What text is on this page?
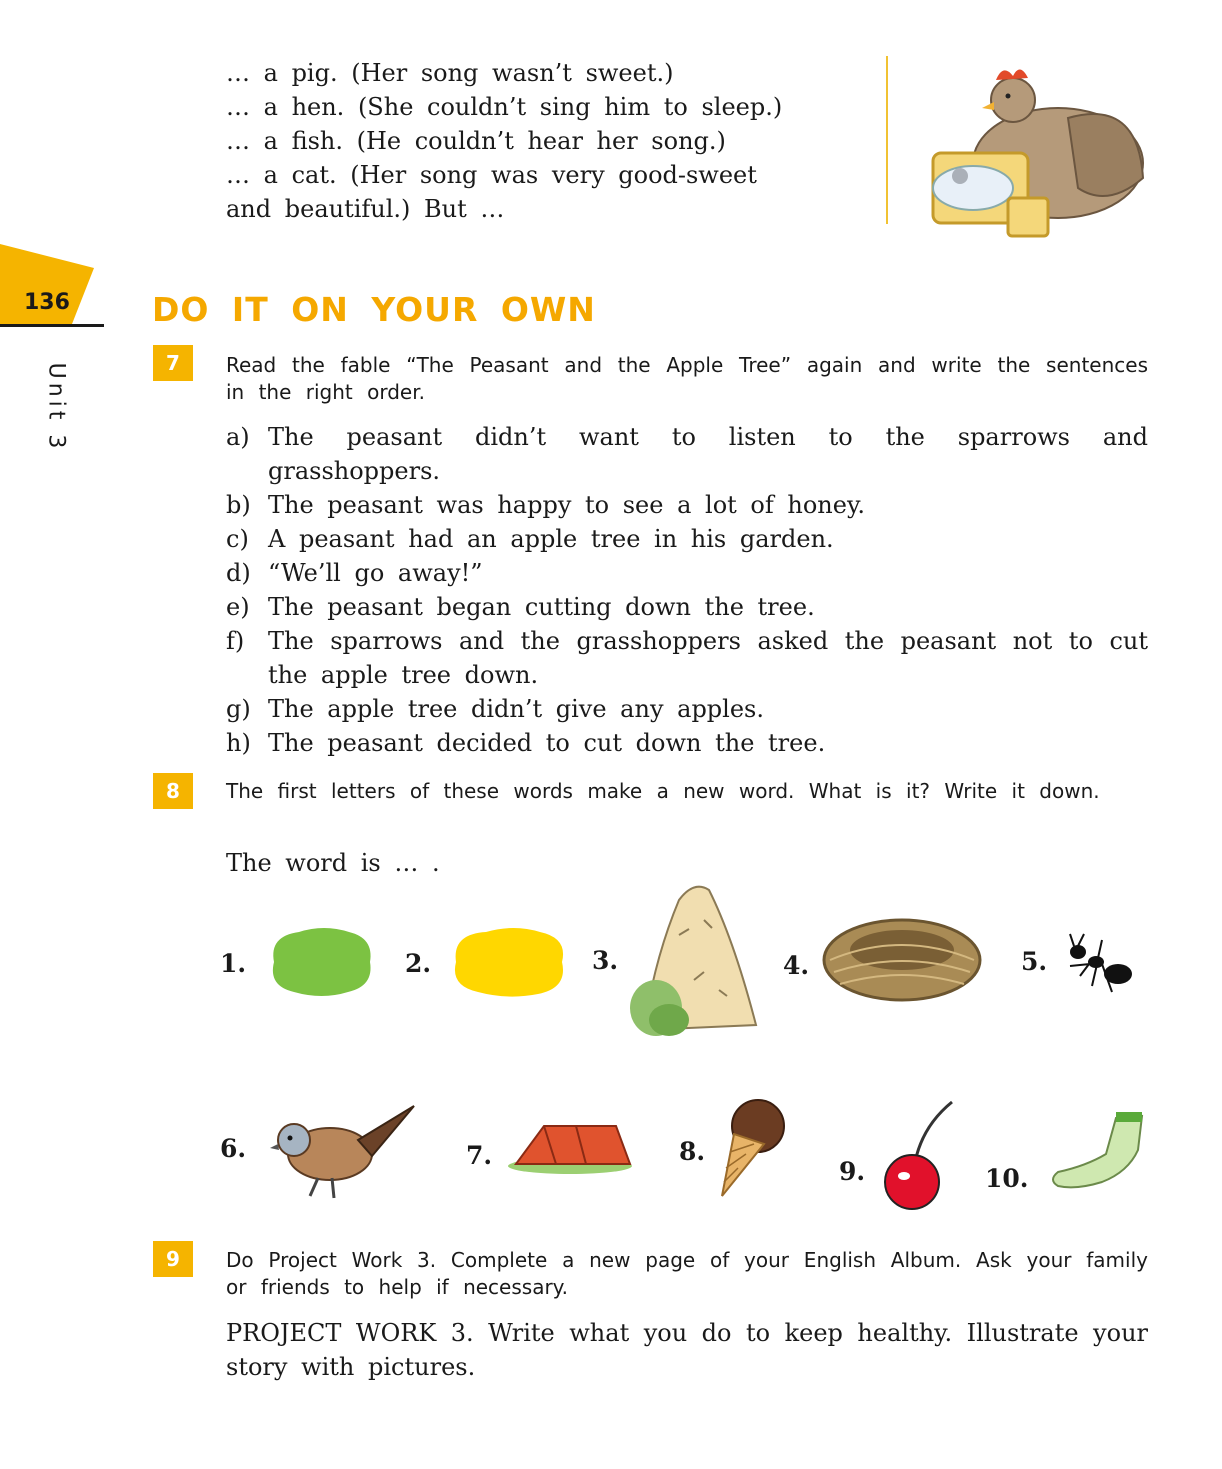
… a pig. (Her song wasn’t sweet.)
… a hen. (She couldn’t sing him to sleep.)
… a fish. (He couldn’t hear her song.)
… a cat. (Her song was very good-sweet
and beautiful.) But …
136
Unit 3
DO IT ON YOUR OWN
7	Read the fable “The Peasant and the Apple Tree” again and write the sentences in the right order.
a) The peasant didn’t want to listen to the sparrows and grasshoppers.
b) The peasant was happy to see a lot of honey.
c) A peasant had an apple tree in his garden.
d) “We’ll go away!”
e) The peasant began cutting down the tree.
f) The sparrows and the grasshoppers asked the peasant not to cut the apple tree down.
g) The apple tree didn’t give any apples.
h) The peasant decided to cut down the tree.
8	The first letters of these words make a new word. What is it? Write it down.
The word is … .
1.	2.	3.	4.	5.
6.	7.	8.
9.	10.
9	Do Project Work 3. Complete a new page of your English Album. Ask your family or friends to help if necessary.
PROJECT WORK 3. Write what you do to keep healthy. Illustrate your story with pictures.
